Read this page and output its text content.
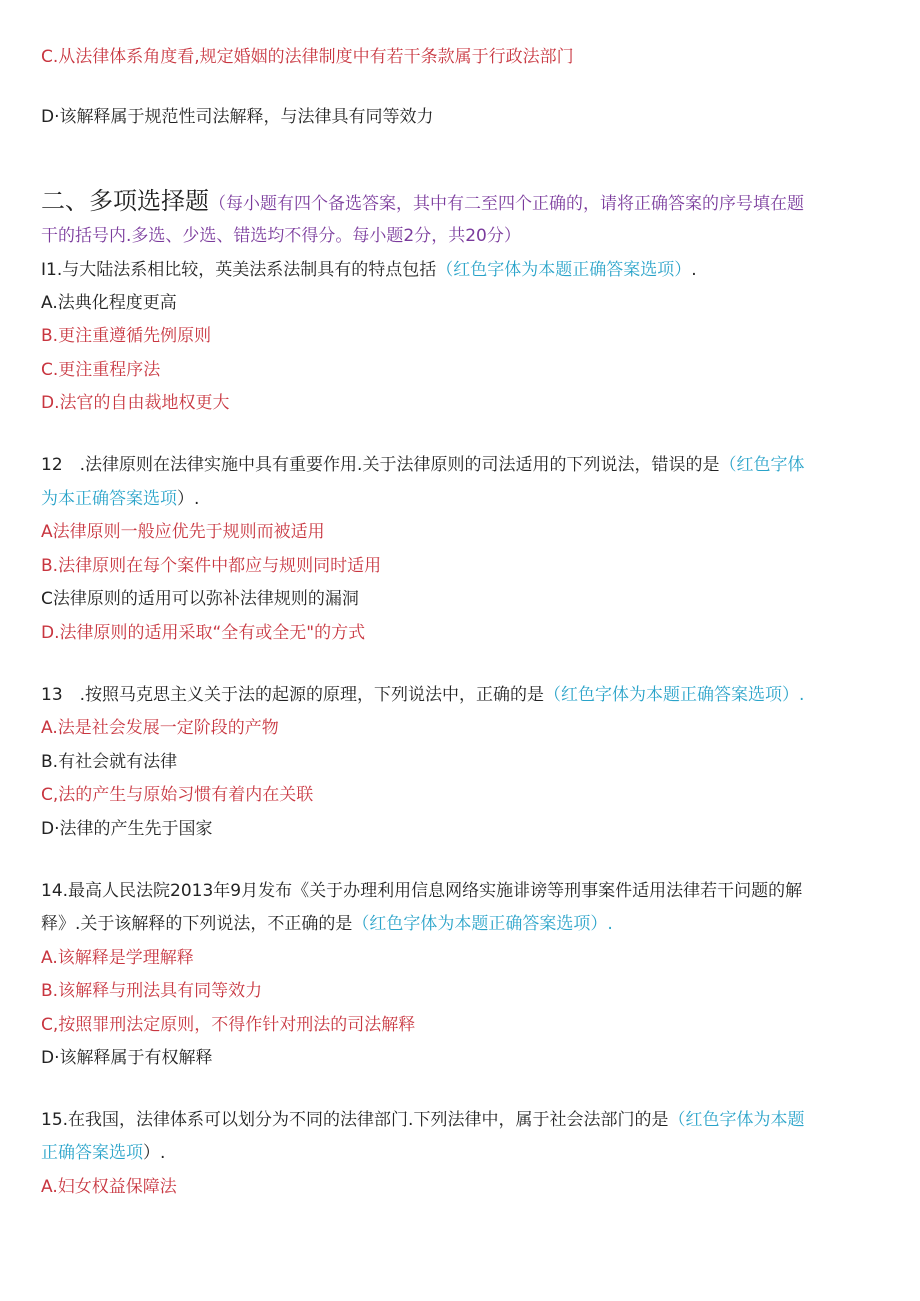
C.从法律体系角度看,规定婚姻的法律制度中有若干条款属于行政法部门
D·该解释属于规范性司法解释，与法律具有同等效力
二、多项选择题（每小题有四个备选答案，其中有二至四个正确的，请将正确答案的序号填在题
干的括号内.多选、少选、错选均不得分。每小题2分，共20分）
I1.与大陆法系相比较，英美法系法制具有的特点包括（红色字体为本题正确答案选项）.
A.法典化程度更高
B.更注重遵循先例原则
C.更注重程序法
D.法官的自由裁地权更大
12　.法律原则在法律实施中具有重要作用.关于法律原则的司法适用的下列说法，错误的是（红色字体
为本正确答案选项）.
A法律原则一般应优先于规则而被适用
B.法律原则在每个案件中都应与规则同时适用
C法律原则的适用可以弥补法律规则的漏洞
D.法律原则的适用采取“全有或全无"的方式
13　.按照马克思主义关于法的起源的原理，下列说法中，正确的是（红色字体为本题正确答案选项）.
A.法是社会发展一定阶段的产物
B.有社会就有法律
C,法的产生与原始习惯有着内在关联
D·法律的产生先于国家
14.最高人民法院2013年9月发布《关于办理利用信息网络实施诽谤等刑事案件适用法律若干问题的解
释》.关于该解释的下列说法，不正确的是（红色字体为本题正确答案选项）.
A.该解释是学理解释
B.该解释与刑法具有同等效力
C,按照罪刑法定原则，不得作针对刑法的司法解释
D·该解释属于有权解释
15.在我国，法律体系可以划分为不同的法律部门.下列法律中，属于社会法部门的是（红色字体为本题
正确答案选项）.
A.妇女权益保障法
